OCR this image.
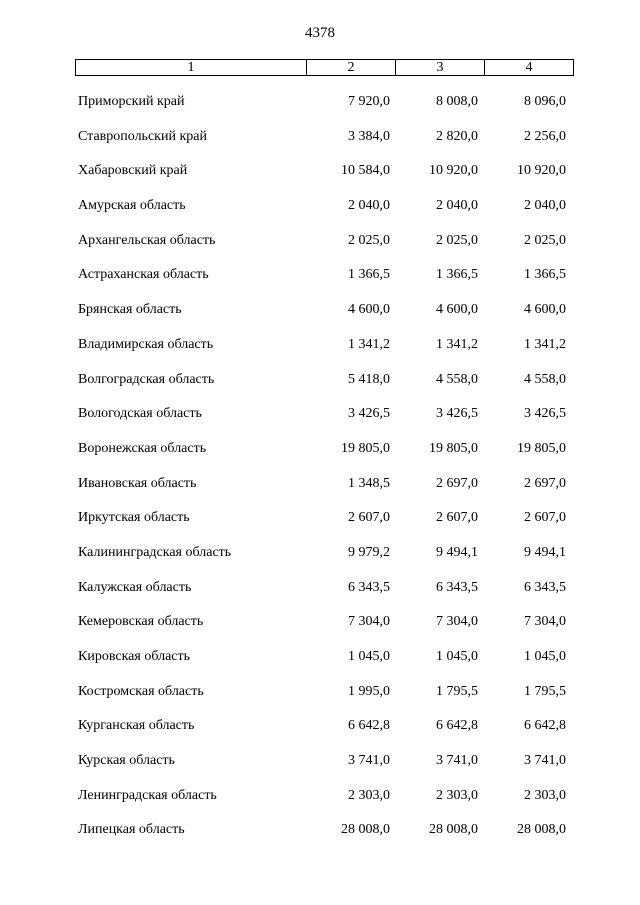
4378
1	2	3	4
Приморский край	7 920,0	8 008,0	8 096,0
Ставропольский край	3 384,0	2 820,0	2 256,0
Хабаровский край	10 584,0	10 920,0	10 920,0
Амурская область	2 040,0	2 040,0	2 040,0
Архангельская область	2 025,0	2 025,0	2 025,0
Астраханская область	1 366,5	1 366,5	1 366,5
Брянская область	4 600,0	4 600,0	4 600,0
Владимирская область	1 341,2	1 341,2	1 341,2
Волгоградская область	5 418,0	4 558,0	4 558,0
Вологодская область	3 426,5	3 426,5	3 426,5
Воронежская область	19 805,0	19 805,0	19 805,0
Ивановская область	1 348,5	2 697,0	2 697,0
Иркутская область	2 607,0	2 607,0	2 607,0
Калининградская область	9 979,2	9 494,1	9 494,1
Калужская область	6 343,5	6 343,5	6 343,5
Кемеровская область	7 304,0	7 304,0	7 304,0
Кировская область	1 045,0	1 045,0	1 045,0
Костромская область	1 995,0	1 795,5	1 795,5
Курганская область	6 642,8	6 642,8	6 642,8
Курская область	3 741,0	3 741,0	3 741,0
Ленинградская область	2 303,0	2 303,0	2 303,0
Липецкая область	28 008,0	28 008,0	28 008,0
